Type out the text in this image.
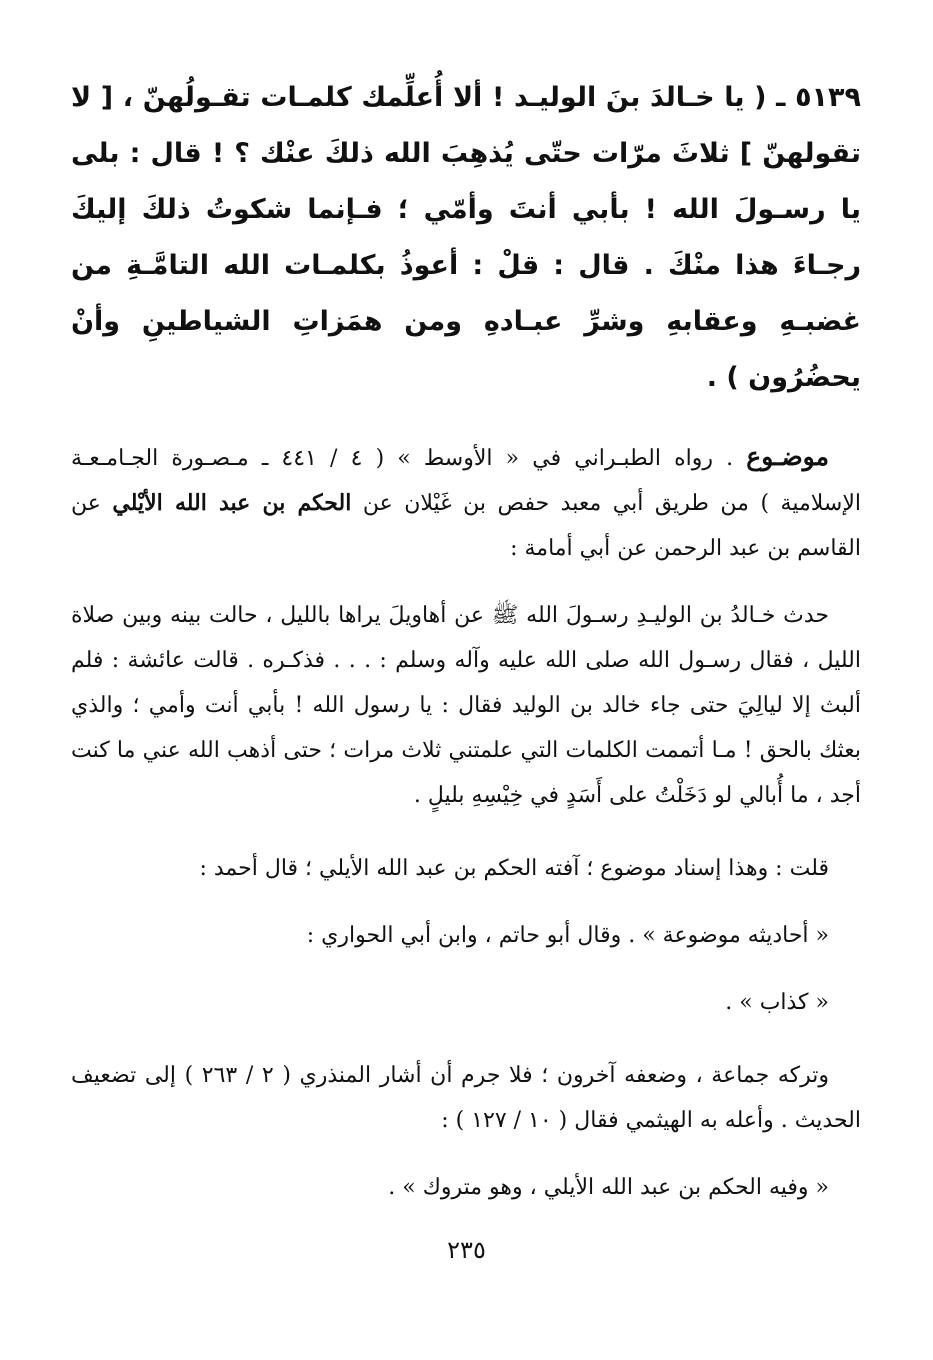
٥١٣٩ ـ ( يا خـالدَ بنَ الوليـد ! ألا أُعلِّمك كلمـات تقـولُهنّ ، [ لا تقولهنّ ] ثلاثَ مرّات حتّى يُذهِبَ الله ذلكَ عنْك ؟ ! قال : بلى يا رسـولَ الله ! بأبي أنتَ وأمّي ؛ فـإنما شكوتُ ذلكَ إليكَ رجـاءَ هذا منْكَ . قال : قلْ : أعوذُ بكلمـات الله التامَّـةِ من غضبـهِ وعقابهِ وشرِّ عبـادهِ ومن همَزاتِ الشياطينِ وأنْ يحضُرُون ) .

موضـوع . رواه الطبـراني في « الأوسط » ( ٤ / ٤٤١ ـ مـصـورة الجـامـعـة الإسلامية ) من طريق أبي معبد حفص بن غَيْلان عن الحكم بن عبد الله الأيْلي عن القاسم بن عبد الرحمن عن أبي أمامة :

حدث خـالدُ بن الوليـدِ رسـولَ الله ﷺ عن أهاويلَ يراها بالليل ، حالت بينه وبين صلاة الليل ، فقال رسـول الله صلى الله عليه وآله وسلم : . . . فذكـره . قالت عائشة : فلم ألبث إلا ليالِيَ حتى جاء خالد بن الوليد فقال : يا رسول الله ! بأبي أنت وأمي ؛ والذي بعثك بالحق ! مـا أتممت الكلمات التي علمتني ثلاث مرات ؛ حتى أذهب الله عني ما كنت أجد ، ما أُبالي لو دَخَلْتُ على أَسَدٍ في خِيْسِهِ بليلٍ .

قلت : وهذا إسناد موضوع ؛ آفته الحكم بن عبد الله الأيلي ؛ قال أحمد :

« أحاديثه موضوعة » . وقال أبو حاتم ، وابن أبي الحواري :

« كذاب » .

وتركه جماعة ، وضعفه آخرون ؛ فلا جرم أن أشار المنذري ( ٢ / ٢٦٣ ) إلى تضعيف الحديث . وأعله به الهيثمي فقال ( ١٠ / ١٢٧ ) :

« وفيه الحكم بن عبد الله الأيلي ، وهو متروك » .

٢٣٥
